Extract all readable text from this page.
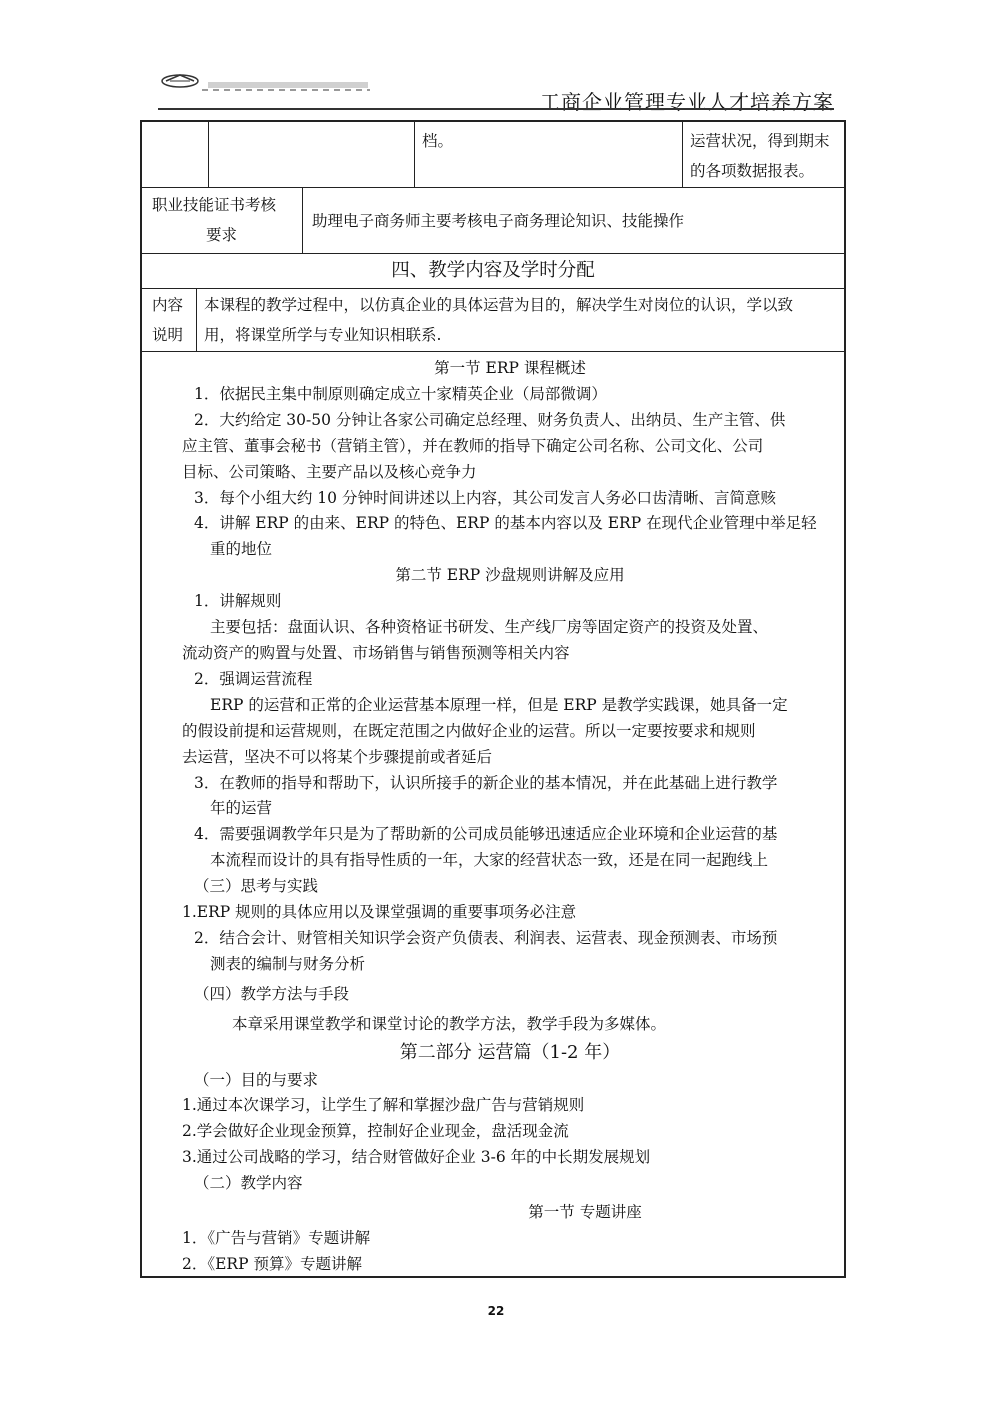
工商企业管理专业人才培养方案
档。	运营状况，得到期末
的各项数据报表。
职业技能证书考核
要求
助理电子商务师主要考核电子商务理论知识、技能操作
四、教学内容及学时分配
内容
说明
本课程的教学过程中，以仿真企业的具体运营为目的，解决学生对岗位的认识，学以致
用，将课堂所学与专业知识相联系.

第一节 ERP 课程概述

1．依据民主集中制原则确定成立十家精英企业（局部微调）

2．大约给定 30-50 分钟让各家公司确定总经理、财务负责人、出纳员、生产主管、供

应主管、董事会秘书（营销主管），并在教师的指导下确定公司名称、公司文化、公司

目标、公司策略、主要产品以及核心竞争力

3．每个小组大约 10 分钟时间讲述以上内容，其公司发言人务必口齿清晰、言简意赅

4．讲解 ERP 的由来、ERP 的特色、ERP 的基本内容以及 ERP 在现代企业管理中举足轻

重的地位

第二节 ERP 沙盘规则讲解及应用

1．讲解规则

主要包括：盘面认识、各种资格证书研发、生产线厂房等固定资产的投资及处置、

流动资产的购置与处置、市场销售与销售预测等相关内容

2．强调运营流程

ERP 的运营和正常的企业运营基本原理一样，但是 ERP 是教学实践课，她具备一定

的假设前提和运营规则，在既定范围之内做好企业的运营。所以一定要按要求和规则

去运营，坚决不可以将某个步骤提前或者延后

3．在教师的指导和帮助下，认识所接手的新企业的基本情况，并在此基础上进行教学

年的运营

4．需要强调教学年只是为了帮助新的公司成员能够迅速适应企业环境和企业运营的基

本流程而设计的具有指导性质的一年，大家的经营状态一致，还是在同一起跑线上

（三）思考与实践

1.ERP 规则的具体应用以及课堂强调的重要事项务必注意

2．结合会计、财管相关知识学会资产负债表、利润表、运营表、现金预测表、市场预

测表的编制与财务分析

（四）教学方法与手段

本章采用课堂教学和课堂讨论的教学方法，教学手段为多媒体。

第二部分 运营篇（1-2 年）

（一）目的与要求

1.通过本次课学习，让学生了解和掌握沙盘广告与营销规则

2.学会做好企业现金预算，控制好企业现金，盘活现金流

3.通过公司战略的学习，结合财管做好企业 3-6 年的中长期发展规划

（二）教学内容

第一节 专题讲座

1．《广告与营销》专题讲解

2．《ERP 预算》专题讲解

22
